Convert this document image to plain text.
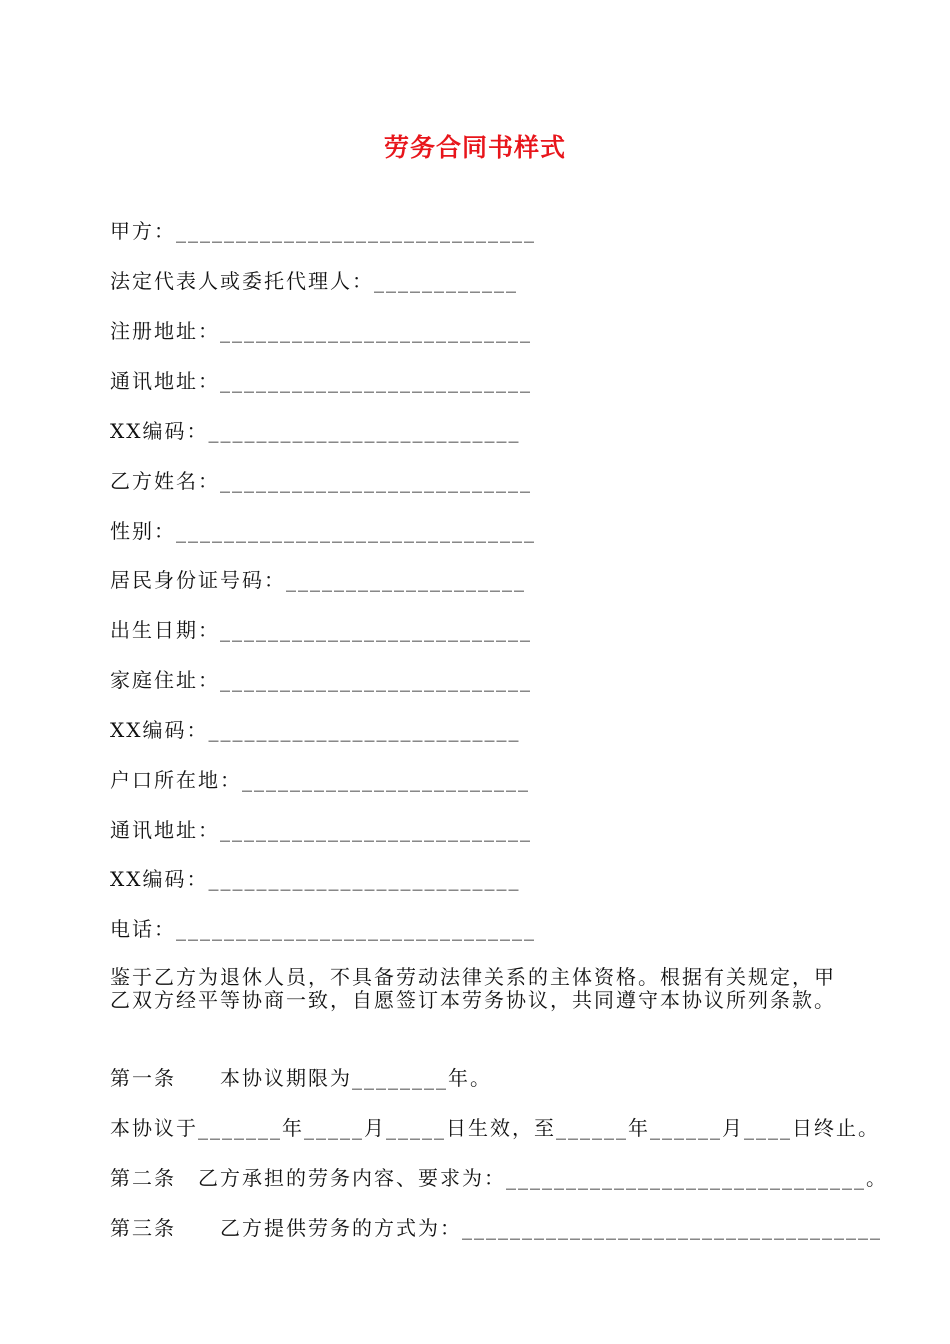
劳务合同书样式
甲方：______________________________
法定代表人或委托代理人：____________
注册地址：__________________________
通讯地址：__________________________
XX编码：__________________________
乙方姓名：__________________________
性别：______________________________
居民身份证号码：____________________
出生日期：__________________________
家庭住址：__________________________
XX编码：__________________________
户口所在地：________________________
通讯地址：__________________________
XX编码：__________________________
电话：______________________________
鉴于乙方为退休人员，不具备劳动法律关系的主体资格。根据有关规定，甲乙双方经平等协商一致，自愿签订本劳务协议，共同遵守本协议所列条款。
第一条　　本协议期限为________年。
本协议于_______年_____月_____日生效，至______年______月____日终止。
第二条　乙方承担的劳务内容、要求为：______________________________。
第三条　　乙方提供劳务的方式为：___________________________________
